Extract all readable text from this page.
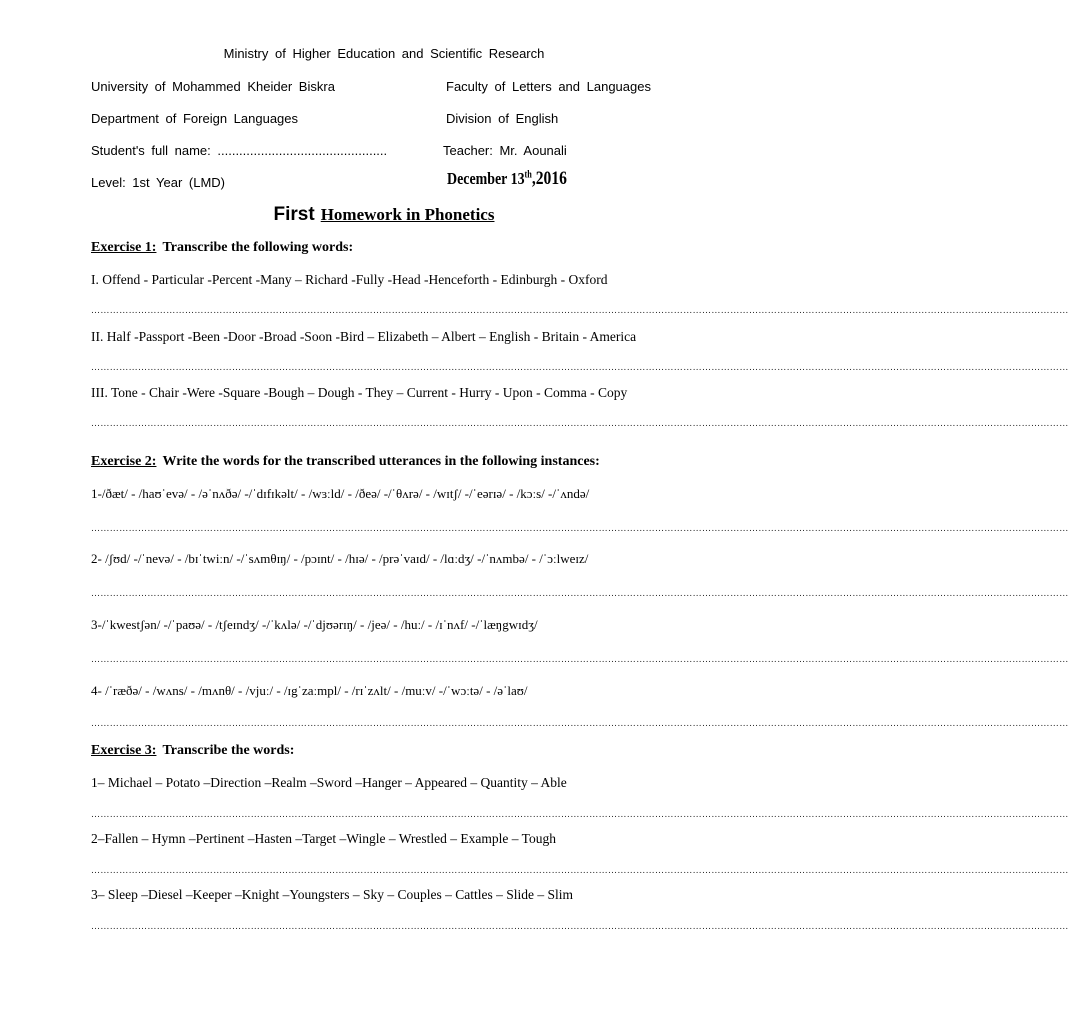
Ministry of Higher Education and Scientific Research
University of Mohammed Kheider Biskra	Faculty of Letters and Languages
Department of Foreign Languages	Division of English
Student's full name: ...............................................	Teacher: Mr. Aounali
Level: 1st Year (LMD)	December 13th,2016
First Homework in Phonetics
Exercise 1: Transcribe the following words:
I. Offend - Particular -Percent -Many – Richard -Fully -Head -Henceforth - Edinburgh - Oxford
……………………………………………………………………………………………………………………………………………………………………………………………………………………………………………………………………………………
II. Half -Passport -Been -Door -Broad -Soon -Bird – Elizabeth – Albert – English - Britain - America
……………………………………………………………………………………………………………………………………………………………………………………………………………………………………………………………………………………
III. Tone - Chair -Were -Square -Bough – Dough - They – Current - Hurry - Upon - Comma - Copy
……………………………………………………………………………………………………………………………………………………………………………………………………………………………………………………………………………………
Exercise 2: Write the words for the transcribed utterances in the following instances:
1-/ðæt/ - /haʊˈevə/ - /əˈnʌðə/ -/ˈdɪfɪkəlt/ - /wɜːld/ - /ðeə/ -/ˈθʌrə/ - /wɪtʃ/ -/ˈeərɪə/ - /kɔːs/ -/ˈʌndə/
……………………………………………………………………………………………………………………………………………………………………………………………………………………………………………………………………………………
2- /ʃʊd/ -/ˈnevə/ - /bɪˈtwiːn/ -/ˈsʌmθɪŋ/ - /pɔɪnt/ - /hɪə/ - /prəˈvaɪd/ - /lɑːdʒ/ -/ˈnʌmbə/ - /ˈɔːlweɪz/
……………………………………………………………………………………………………………………………………………………………………………………………………………………………………………………………………………………
3-/ˈkwestʃən/ -/ˈpaʊə/ - /tʃeɪndʒ/ -/ˈkʌlə/ -/ˈdjʊərɪŋ/ - /jeə/ - /huː/ - /ɪˈnʌf/ -/ˈlæŋgwɪdʒ/
……………………………………………………………………………………………………………………………………………………………………………………………………………………………………………………………………………………
4- /ˈræðə/ - /wʌns/ - /mʌnθ/ - /vjuː/ - /ɪgˈzaːmpl/ - /rɪˈzʌlt/ - /muːv/ -/ˈwɔːtə/ - /əˈlaʊ/
……………………………………………………………………………………………………………………………………………………………………………………………………………………………………………………………………………………
Exercise 3: Transcribe the words:
1– Michael – Potato –Direction –Realm –Sword –Hanger – Appeared – Quantity – Able
……………………………………………………………………………………………………………………………………………………………………………………………………………………………………………………………………………………
2–Fallen – Hymn –Pertinent –Hasten –Target –Wingle – Wrestled – Example – Tough
……………………………………………………………………………………………………………………………………………………………………………………………………………………………………………………………………………………
3– Sleep –Diesel –Keeper –Knight –Youngsters – Sky – Couples – Cattles – Slide – Slim
……………………………………………………………………………………………………………………………………………………………………………………………………………………………………………………………………………………
